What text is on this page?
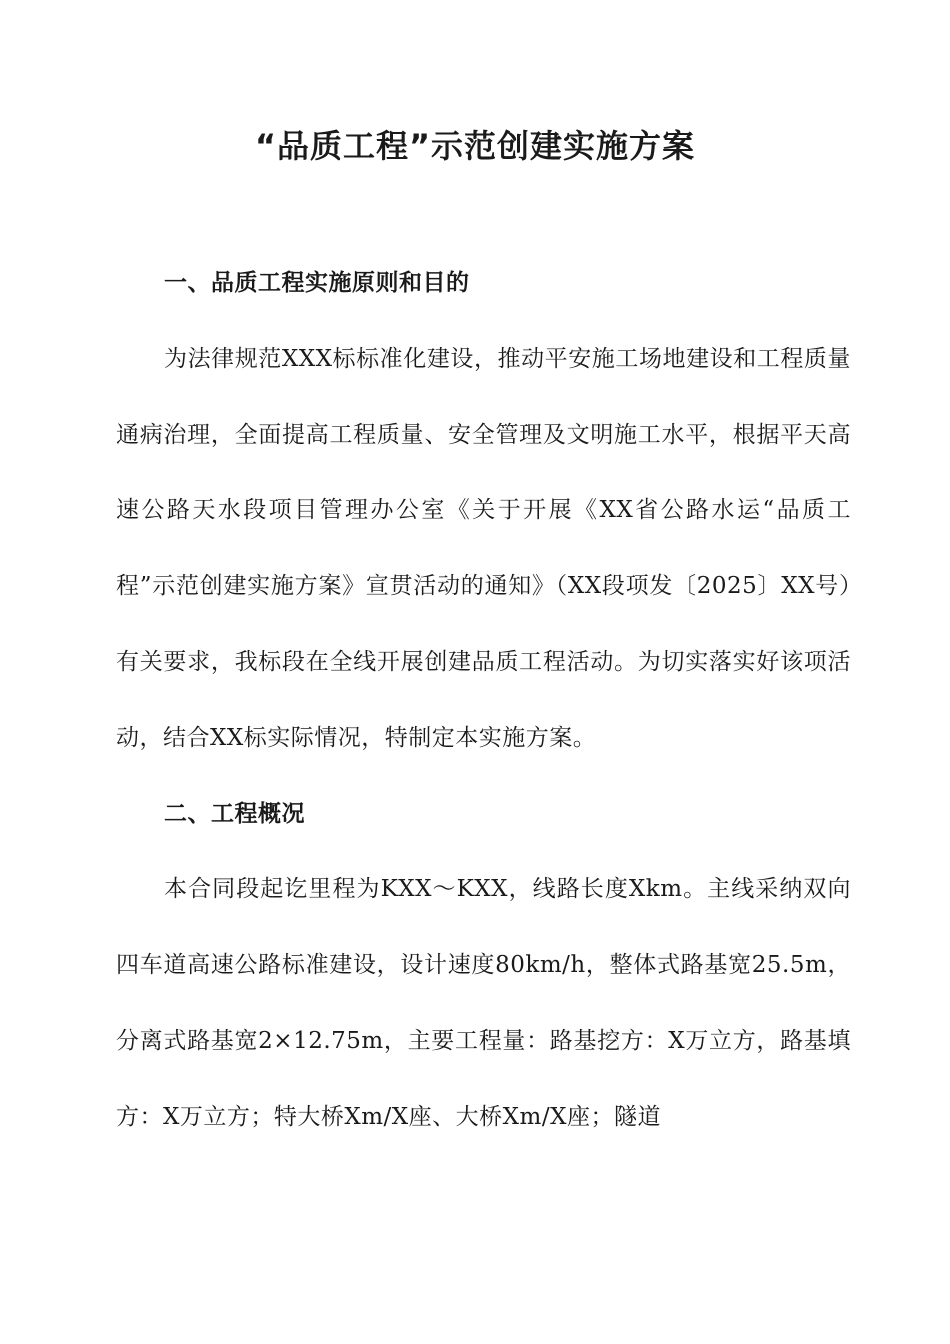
“品质工程”示范创建实施方案

一、品质工程实施原则和目的

为法律规范XXX标标准化建设，推动平安施工场地建设和工程质量通病治理，全面提高工程质量、安全管理及文明施工水平，根据平天高速公路天水段项目管理办公室《关于开展《XX省公路水运“品质工程”示范创建实施方案》宣贯活动的通知》（XX段项发〔2025〕XX号）有关要求，我标段在全线开展创建品质工程活动。为切实落实好该项活动，结合XX标实际情况，特制定本实施方案。

二、工程概况

本合同段起讫里程为KXX～KXX，线路长度Xkm。主线采纳双向四车道高速公路标准建设，设计速度80km/h，整体式路基宽25.5m，分离式路基宽2×12.75m，主要工程量：路基挖方：X万立方，路基填方：X万立方；特大桥Xm/X座、大桥Xm/X座；隧道
